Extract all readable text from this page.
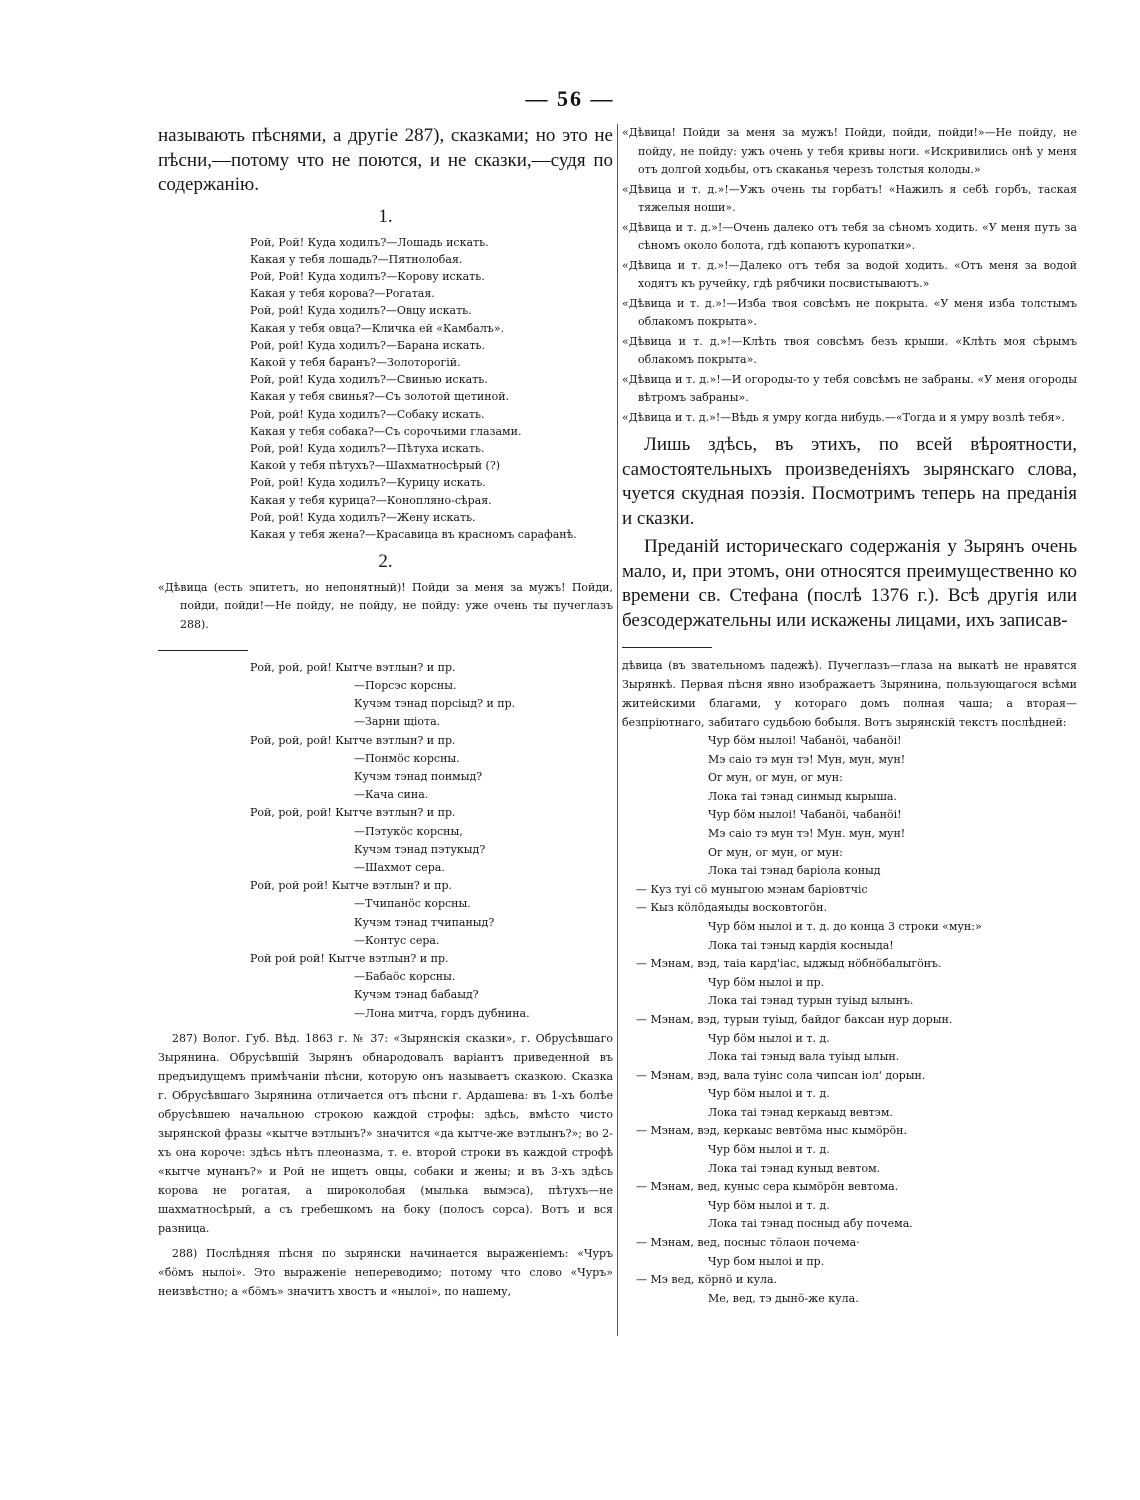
— 56 —

называють пѣснями, а другіе 287), сказками; но это не пѣсни,—потому что не поются, и не сказки,—судя по содержанію.

1.
Рой, Рой! Куда ходилъ?—Лошадь искать.
Какая у тебя лошадь?—Пятнолобая.
Рой, Рой! Куда ходилъ?—Корову искать.
Какая у тебя корова?—Рогатая.
Рой, рой! Куда ходилъ?—Овцу искать.
Какая у тебя овца?—Кличка ей «Камбалъ».
Рой, рой! Куда ходилъ?—Барана искать.
Какой у тебя баранъ?—Золоторогій.
Рой, рой! Куда ходилъ?—Свинью искать.
Какая у тебя свинья?—Съ золотой щетиной.
Рой, рой! Куда ходилъ?—Собаку искать.
Какая у тебя собака?—Съ сорочьими глазами.
Рой, рой! Куда ходилъ?—Пѣтуха искать.
Какой у тебя пѣтухъ?—Шахматносѣрый (?)
Рой, рой! Куда ходилъ?—Курицу искать.
Какая у тебя курица?—Конопляно-сѣрая.
Рой, рой! Куда ходилъ?—Жену искать.
Какая у тебя жена?—Красавица въ красномъ сарафанѣ.
2.

«Дѣвица (есть эпитетъ, но непонятный)! Пойди за меня за мужъ! Пойди, пойди, пойди!—Не пойду, не пойду, не пойду: уже очень ты пучеглазъ 288).

Рой, рой, рой! Кытче вэтлын? и пр.
—Порсэс корсны.
Кучэм тэнад порсіыд? и пр.
—Зарни щіота.
Рой, рой, рой! Кытче вэтлын? и пр.
—Понмöс корсны.
Кучэм тэнад понмыд?
—Кача сина.
Рой, рой, рой! Кытче вэтлын? и пр.
—Пэтукöс корсны,
Кучэм тэнад пэтукыд?
—Шахмот сера.
Рой, рой рой! Кытче вэтлын? и пр.
—Тчипанöс корсны.
Кучэм тэнад тчипаныд?
—Контус сера.
Рой рой рой! Кытче вэтлын? и пр.
—Бабаöс корсны.
Кучэм тэнад бабаыд?
—Лона митча, гордъ дубнина.

287) Волог. Губ. Вѣд. 1863 г. № 37: «Зырянскія сказки», г. Обрусѣвшаго Зырянина. Обрусѣвшій Зырянъ обнародовалъ варіантъ приведенной въ предъидущемъ примѣчаніи пѣсни, которую онъ называетъ сказкою. Сказка г. Обрусѣвшаго Зырянина отличается отъ пѣсни г. Ардашева: въ 1-хъ болѣе обрусѣвшею начальною строкою каждой строфы: здѣсь, вмѣсто чисто зырянской фразы «кытче вэтлынъ?» значится «да кытче-же вэтлынъ?»; во 2-хъ она короче: здѣсь нѣтъ плеоназма, т. е. второй строки въ каждой строфѣ «кытче мунанъ?» и Рой не ищетъ овцы, собаки и жены; и въ 3-хъ здѣсь корова не рогатая, а широколобая (мылька вымэса), пѣтухъ—не шахматносѣрый, а съ гребешкомъ на боку (полосъ сорса). Вотъ и вся разница.

288) Послѣдняя пѣсня по зырянски начинается выраженіемъ: «Чуръ «бöмъ нылоі». Это выраженіе непереводимо; потому что слово «Чуръ» неизвѣстно; а «бöмъ» значитъ хвостъ и «нылоі», по нашему,

«Дѣвица! Пойди за меня за мужъ! Пойди, пойди, пойди!»—Не пойду, не пойду, не пойду: ужъ очень у тебя кривы ноги. «Искривились онѣ у меня отъ долгой ходьбы, отъ скаканья черезъ толстыя колоды.»

«Дѣвица и т. д.»!—Ужъ очень ты горбатъ! «Нажилъ я себѣ горбъ, таская тяжелыя ноши».

«Дѣвица и т. д.»!—Очень далеко отъ тебя за сѣномъ ходить. «У меня путь за сѣномъ около болота, гдѣ копаютъ куропатки».

«Дѣвица и т. д.»!—Далеко отъ тебя за водой ходить. «Отъ меня за водой ходятъ къ ручейку, гдѣ рябчики посвистываютъ.»

«Дѣвица и т. д.»!—Изба твоя совсѣмъ не покрыта. «У меня изба толстымъ облакомъ покрыта».

«Дѣвица и т. д.»!—Клѣть твоя совсѣмъ безъ крыши. «Клѣть моя сѣрымъ облакомъ покрыта».

«Дѣвица и т. д.»!—И огороды-то у тебя совсѣмъ не забраны. «У меня огороды вѣтромъ забраны».

«Дѣвица и т. д.»!—Вѣдь я умру когда нибудь.—«Тогда и я умру возлѣ тебя».

Лишь здѣсь, въ этихъ, по всей вѣроятности, самостоятельныхъ произведеніяхъ зырянскаго слова, чуется скудная поэзія. Посмотримъ теперь на преданія и сказки.

Преданій историческаго содержанія у Зырянъ очень мало, и, при этомъ, они относятся преимущественно ко времени св. Стефана (послѣ 1376 г.). Всѣ другія или безсодержательны или искажены лицами, ихъ записав-

дѣвица (въ звательномъ падежѣ). Пучеглазъ—глаза на выкатѣ не нравятся Зырянкѣ. Первая пѣсня явно изображаетъ Зырянина, пользующагося всѣми житейскими благами, у котораго домъ полная чаша; а вторая—безпріютнаго, забитаго судьбою бобыля. Вотъ зырянскій текстъ послѣдней:

Чур бöм нылоі! Чабанöі, чабанöі!
Мэ саіо тэ мун тэ! Мун, мун, мун!
Ог мун, ог мун, ог мун:
Лока таі тэнад синмыд кырыша.
Чур бöм нылоі! Чабанöі, чабанöі!
Мэ саіо тэ мун тэ! Мун. мун, мун!
Ог мун, ог мун, ог мун:
Лока таі тэнад баріола коныд
— Куз туі сö муныгою мэнам баріовтчіс
— Кыз кöлöдаяыды восковтогöн.
Чур бöм нылоі и т. д. до конца 3 строки «мун:»
Лока таі тэныд кардія косныда!
— Мэнам, вэд, таіа кард'іас, ыджыд нöбнöбалыгöнъ.
Чур бöм нылоі и пр.
Лока таі тэнад турын туіыд ылынъ.
— Мэнам, вэд, турын туіыд, байдог баксан нур дорын.
Чур бöм нылоі и т. д.
Лока таі тэныд вала туіыд ылын.
— Мэнам, вэд, вала туінс сола чипсан іол' дорын.
Чур бöм нылоі и т. д.
Лока таі тэнад керкаыд вевтэм.
— Мэнам, вэд, керкаыс вевтöма ныс кымöрöн.
Чур бöм нылоі и т. д.
Лока таі тэнад куныд вевтом.
— Мэнам, вед, куныс сера кымöрöн вевтома.
Чур бöм нылоі и т. д.
Лока таі тэнад посныд абу почема.
— Мэнам, вед, посныс тöлаон почема·
Чур бом нылоі и пр.
— Мэ вед, кöрнö и кула.
Ме, вед, тэ дынö-же кула.
